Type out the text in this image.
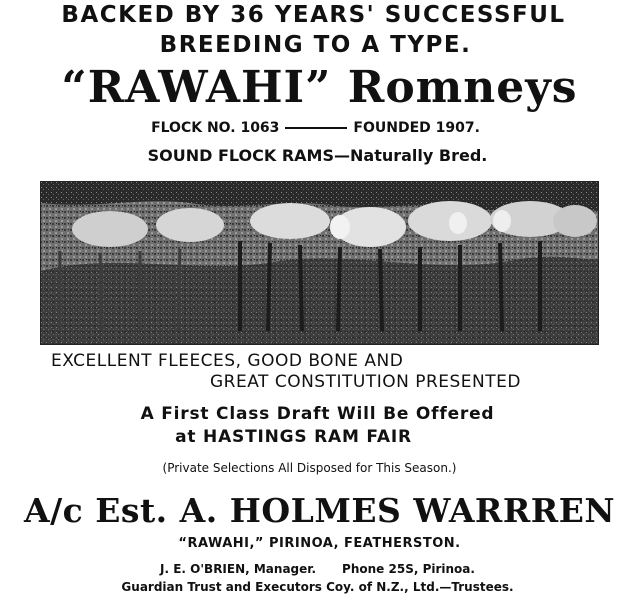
BACKED BY 36 YEARS' SUCCESSFUL
BREEDING TO A TYPE.
“RAWAHI” Romneys
FLOCK NO. 1063	FOUNDED 1907.
SOUND FLOCK RAMS—Naturally Bred.
EXCELLENT FLEECES, GOOD BONE AND
GREAT CONSTITUTION PRESENTED
A First Class Draft Will Be Offered
at HASTINGS RAM FAIR
(Private Selections All Disposed for This Season.)
A/c Est. A. HOLMES WARRREN
“RAWAHI,” PIRINOA, FEATHERSTON.
J. E. O'BRIEN, Manager. Phone 25S, Pirinoa.
Guardian Trust and Executors Coy. of N.Z., Ltd.—Trustees.
